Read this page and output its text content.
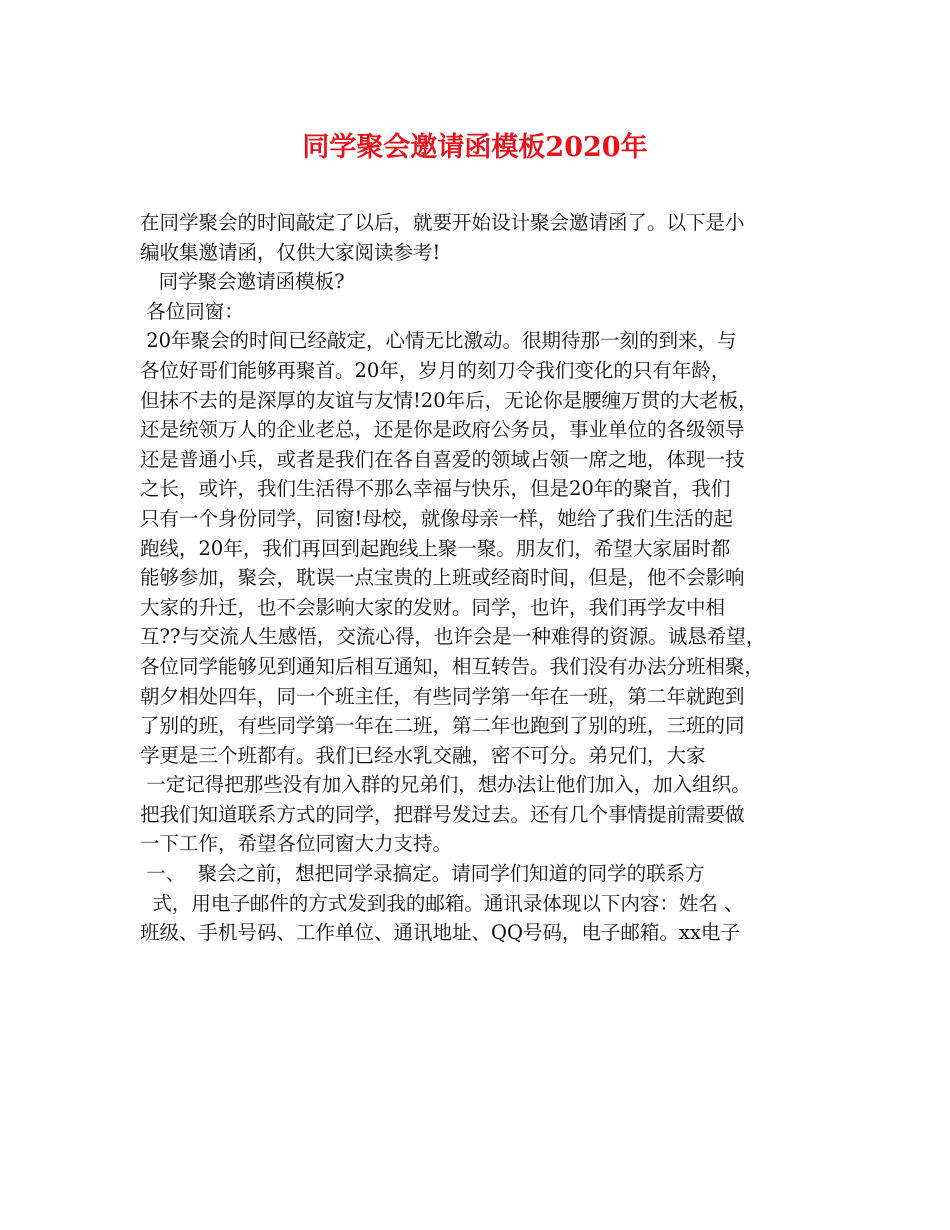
同学聚会邀请函模板2020年
在同学聚会的时间敲定了以后，就要开始设计聚会邀请函了。以下是小
编收集邀请函，仅供大家阅读参考!
同学聚会邀请函模板?
各位同窗：
20年聚会的时间已经敲定，心情无比激动。很期待那一刻的到来，与
各位好哥们能够再聚首。20年，岁月的刻刀令我们变化的只有年龄，
但抹不去的是深厚的友谊与友情!20年后，无论你是腰缠万贯的大老板，
还是统领万人的企业老总，还是你是政府公务员，事业单位的各级领导
还是普通小兵，或者是我们在各自喜爱的领域占领一席之地，体现一技
之长，或许，我们生活得不那么幸福与快乐，但是20年的聚首，我们
只有一个身份同学，同窗!母校，就像母亲一样，她给了我们生活的起
跑线，20年，我们再回到起跑线上聚一聚。朋友们，希望大家届时都
能够参加，聚会，耽误一点宝贵的上班或经商时间，但是，他不会影响
大家的升迁，也不会影响大家的发财。同学，也许，我们再学友中相
互??与交流人生感悟，交流心得，也许会是一种难得的资源。诚恳希望，
各位同学能够见到通知后相互通知，相互转告。我们没有办法分班相聚，
朝夕相处四年，同一个班主任，有些同学第一年在一班，第二年就跑到
了别的班，有些同学第一年在二班，第二年也跑到了别的班，三班的同
学更是三个班都有。我们已经水乳交融，密不可分。弟兄们，大家
一定记得把那些没有加入群的兄弟们，想办法让他们加入，加入组织。
把我们知道联系方式的同学，把群号发过去。还有几个事情提前需要做
一下工作，希望各位同窗大力支持。
一、  聚会之前，想把同学录搞定。请同学们知道的同学的联系方
式，用电子邮件的方式发到我的邮箱。通讯录体现以下内容：姓名 、
班级、手机号码、工作单位、通讯地址、QQ号码，电子邮箱。xx电子
